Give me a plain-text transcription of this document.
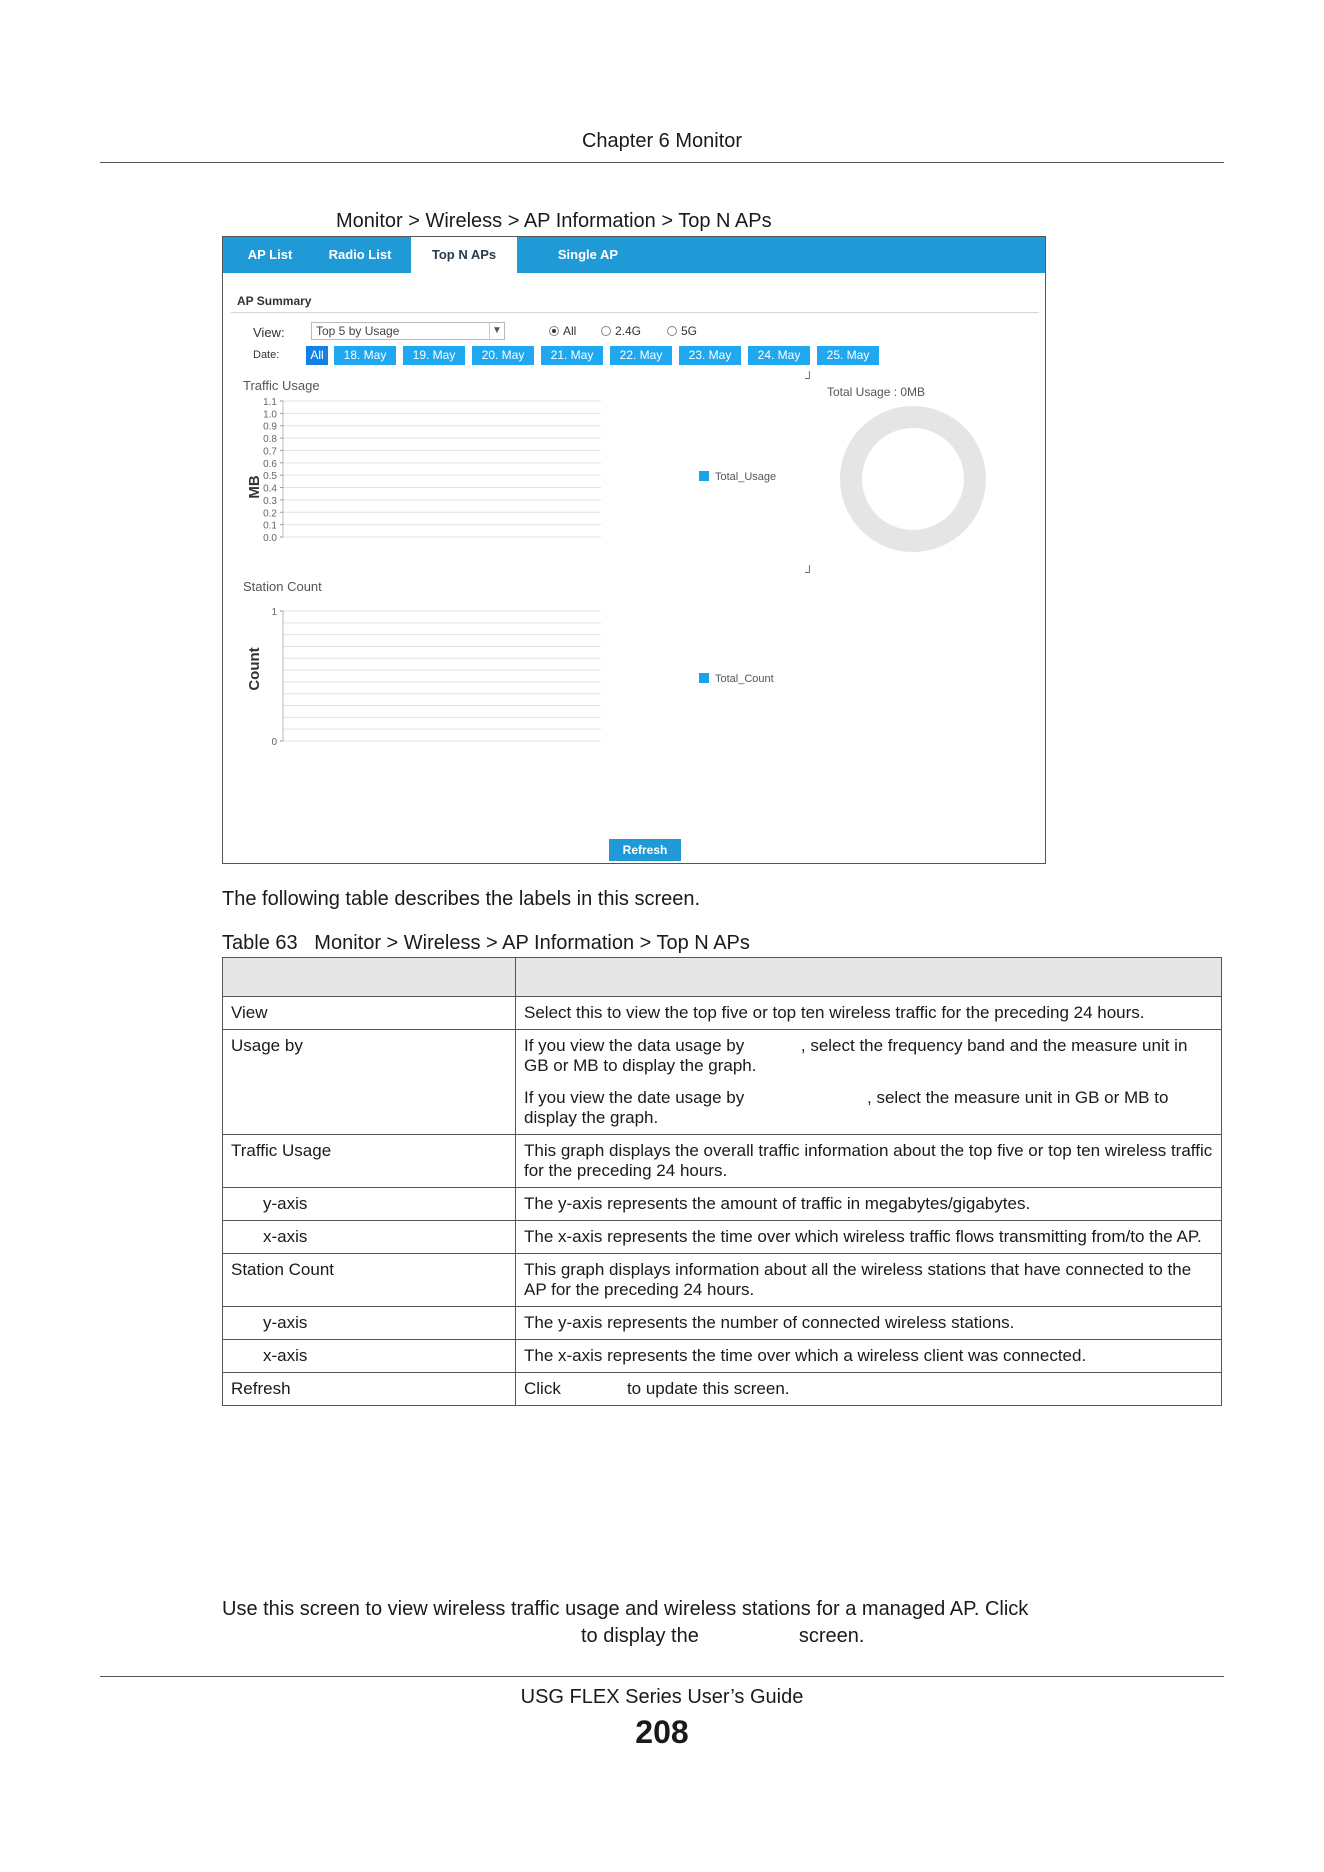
Chapter 6 Monitor
Monitor > Wireless > AP Information > Top N APs
AP List	Radio List	Top N APs	Single AP
AP Summary
View:	Top 5 by Usage	▼	All	2.4G	5G
Date:	All	18. May	19. May	20. May	21. May	22. May	23. May	24. May	25. May
Traffic Usage
0.0
0.1
0.2
0.3
0.4
0.5
0.6
0.7
0.8
0.9
1.0
1.1
MB	Total_Usage
┘
Total Usage : 0MB
┘
Station Count
0
1
Count	Total_Count
Refresh
The following table describes the labels in this screen.
Table 63 Monitor > Wireless > AP Information > Top N APs

View	Select this to view the top five or top ten wireless traffic for the preceding 24 hours.

Usage by	If you view the data usage by            , select the frequency band and the measure unit in GB or MB to display the graph.

If you view the date usage by                          , select the measure unit in GB or MB to display the graph.

Traffic Usage	This graph displays the overall traffic information about the top five or top ten wireless traffic for the preceding 24 hours.

y-axis	The y-axis represents the amount of traffic in megabytes/gigabytes.

x-axis	The x-axis represents the time over which wireless traffic flows transmitting from/to the AP.

Station Count	This graph displays information about all the wireless stations that have connected to the AP for the preceding 24 hours.

y-axis	The y-axis represents the number of connected wireless stations.

x-axis	The x-axis represents the time over which a wireless client was connected.

Refresh	Click              to update this screen.

Use this screen to view wireless traffic usage and wireless stations for a managed AP. Click
to display the	screen.
USG FLEX Series User’s Guide
208
